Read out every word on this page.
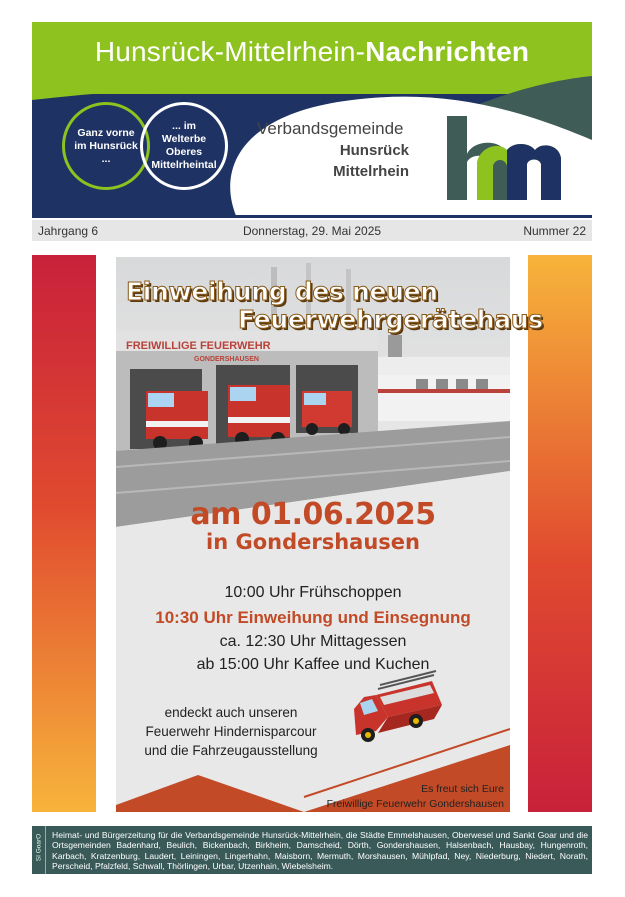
Hunsrück-Mittelrhein-Nachrichten
Ganz vorne im Hunsrück ...
... im Welterbe Oberes Mittelrheintal
Verbandsgemeinde
Hunsrück
Mittelrhein
Jahrgang 6	Donnerstag, 29. Mai 2025	Nummer 22
FREIWILLIGE FEUERWEHR
GONDERSHAUSEN
Einweihung des neuen
Feuerwehrgerätehaus
am 01.06.2025
in Gondershausen
10:00 Uhr Frühschoppen
10:30 Uhr Einweihung und Einsegnung
ca. 12:30 Uhr Mittagessen
ab 15:00 Uhr Kaffee und Kuchen
endeckt auch unseren
Feuerwehr Hindernisparcour
und die Fahrzeugausstellung
Es freut sich Eure
Freiwillige Feuerwehr Gondershausen
SI GoarO Heimat- und Bürgerzeitung für die Verbandsgemeinde Hunsrück-Mittelrhein, die Städte Emmelshausen, Oberwesel und Sankt Goar und die Ortsgemeinden Badenhard, Beulich, Bickenbach, Birkheim, Damscheid, Dörth, Gondershausen, Halsenbach, Hausbay, Hungenroth, Karbach, Kratzenburg, Laudert, Leiningen, Lingerhahn, Maisborn, Mermuth, Morshausen, Mühlpfad, Ney, Niederburg, Niedert, Norath, Perscheid, Pfalzfeld, Schwall, Thörlingen, Urbar, Utzenhain, Wiebelsheim.
